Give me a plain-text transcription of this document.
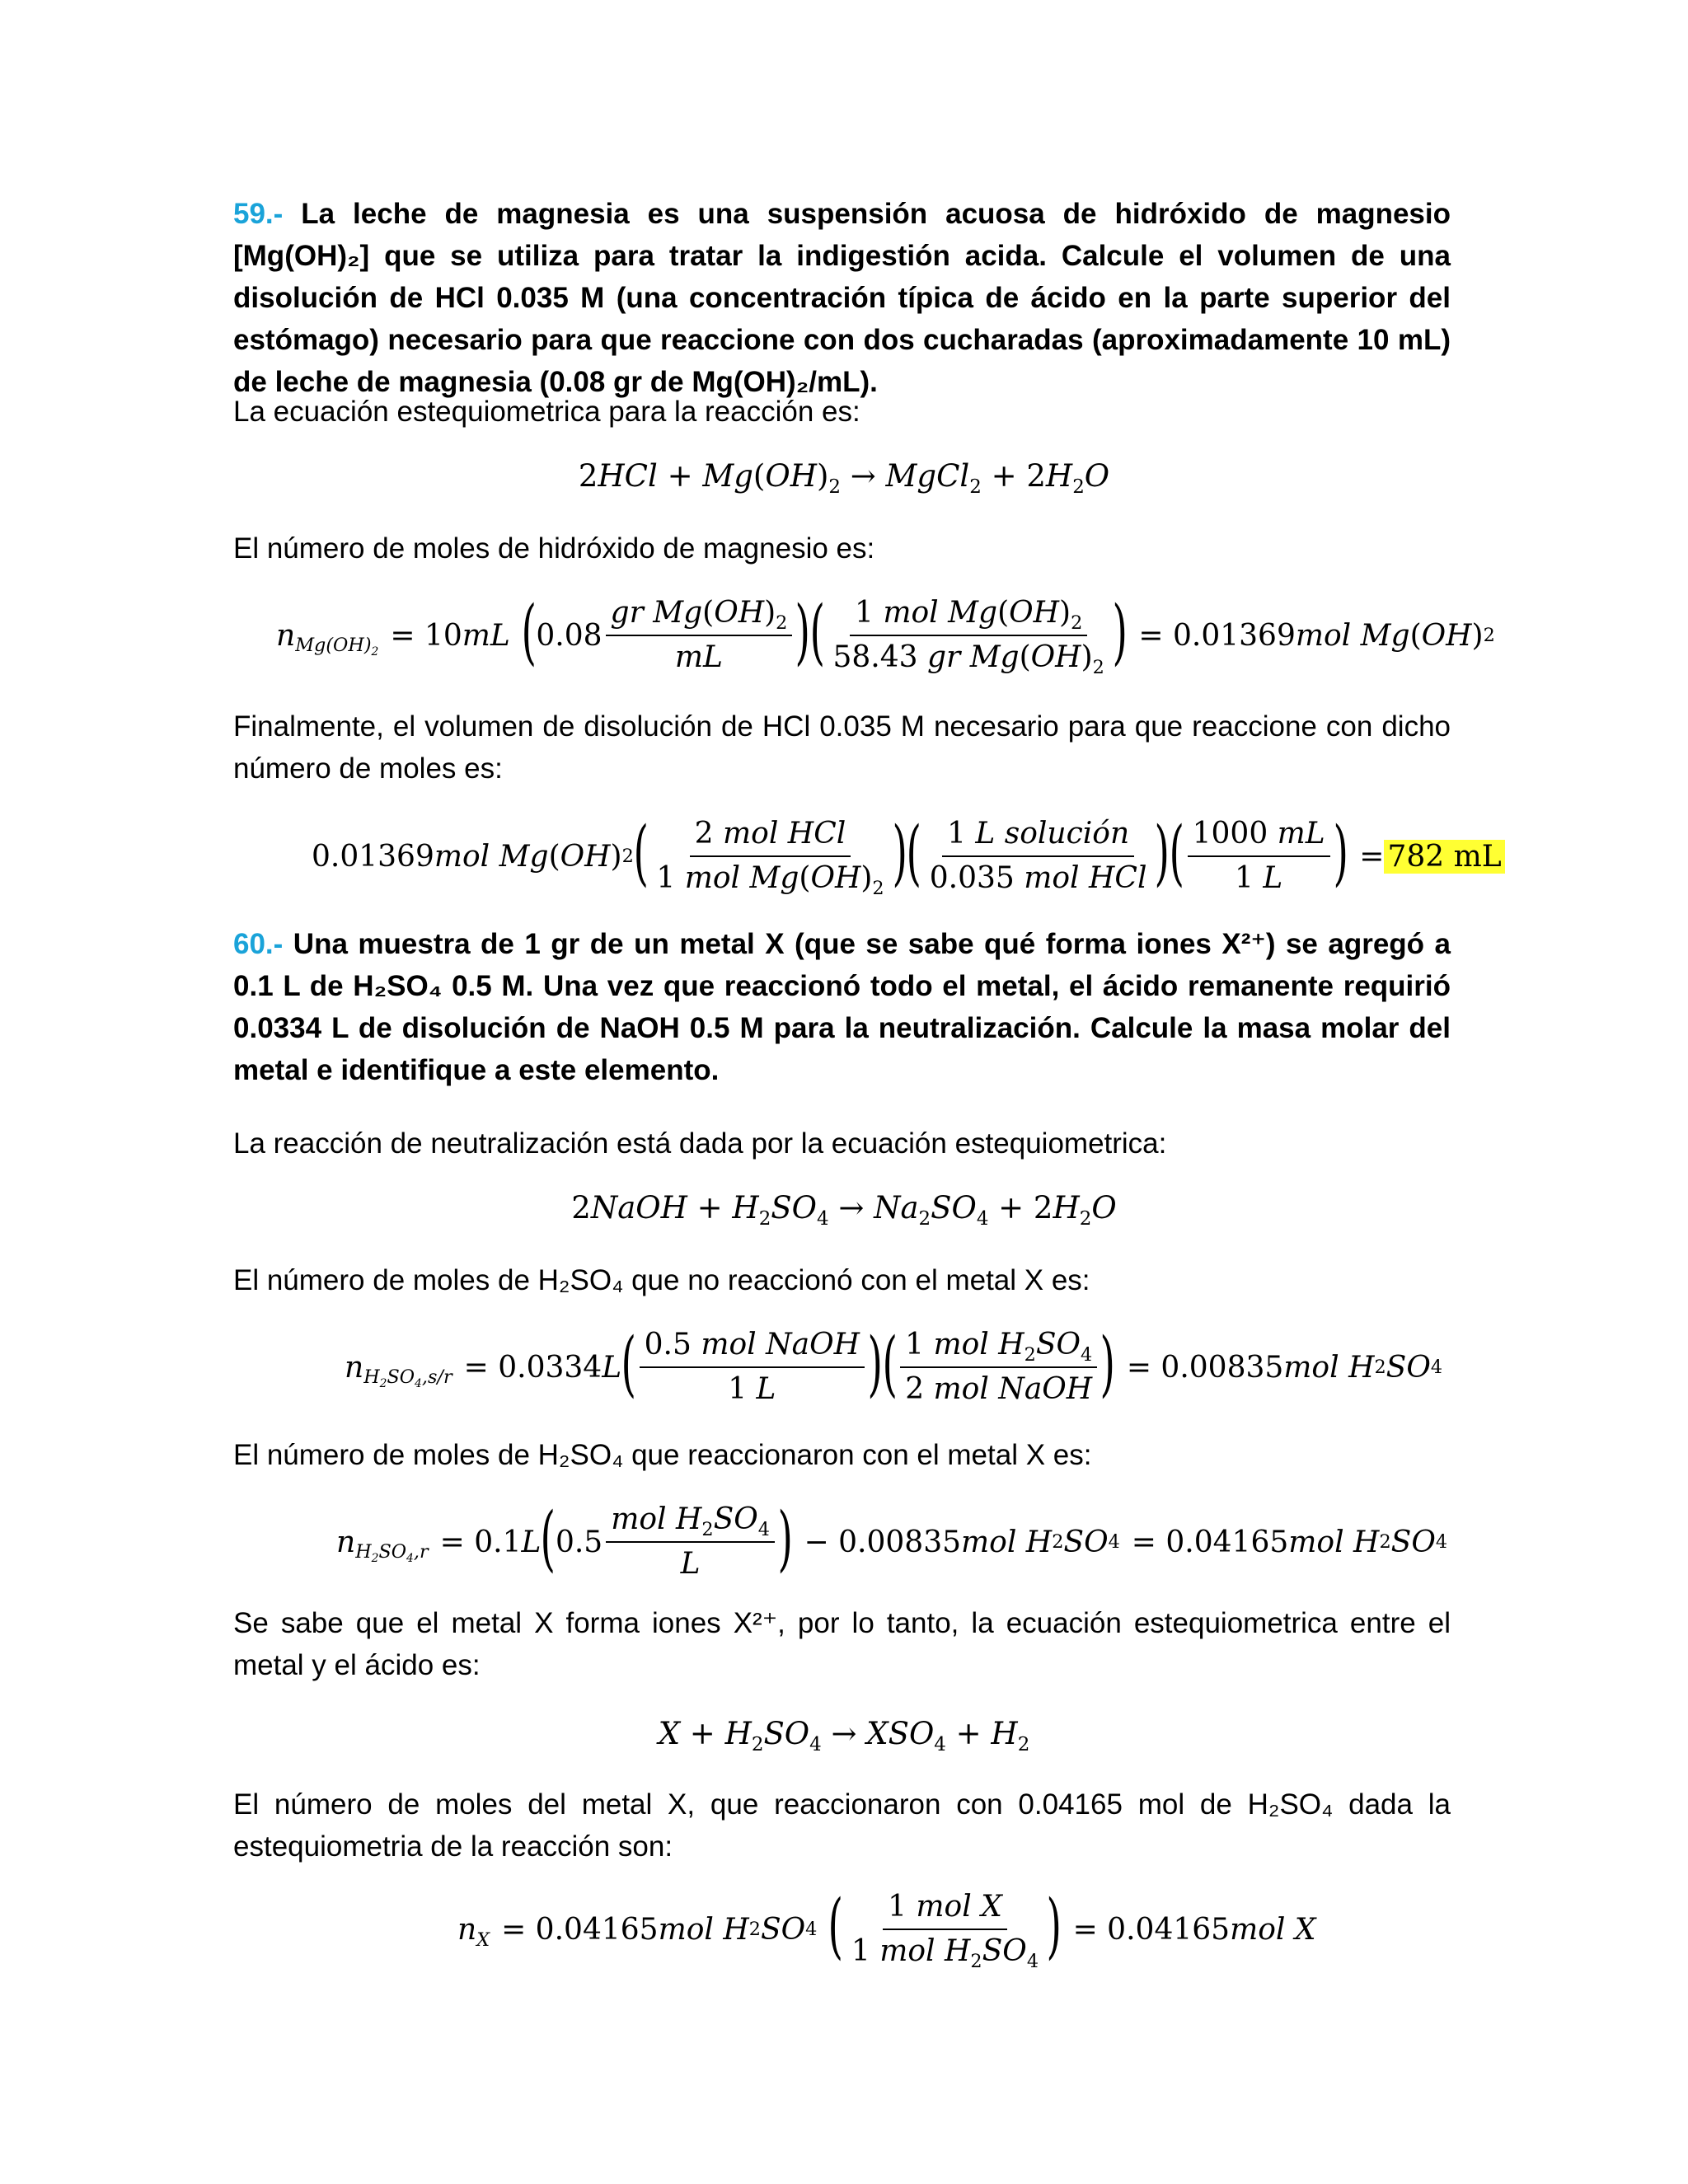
59.- La leche de magnesia es una suspensión acuosa de hidróxido de magnesio [Mg(OH)₂] que se utiliza para tratar la indigestión acida. Calcule el volumen de una disolución de HCl 0.035 M (una concentración típica de ácido en la parte superior del estómago) necesario para que reaccione con dos cucharadas (aproximadamente 10 mL) de leche de magnesia (0.08 gr de Mg(OH)₂/mL).
La ecuación estequiometrica para la reacción es:
$2HCl + Mg(OH)_2$ → MgCl$_2$ + $2H_2O$
El número de moles de hidróxido de magnesio es:
$n_{Mg(OH)_2} = 10$ mL ( $0.08 \frac{gr Mg(OH)_2}{mL}$ ) ( $\frac{1 mol Mg(OH)_2}{58.43 gr Mg(OH)_2}$ ) = 0.01369 mol Mg ( OH ) 2
Finalmente, el volumen de disolución de HCl 0.035 M necesario para que reaccione con dicho número de moles es:
0.01369 mol Mg ( OH ) 2 ( $\frac{\text{2 mol HCl}}{1 mol Mg(OH)_2}$ ) ( $\frac{\text{1 L solución}}{\text{0.035 mol HCl}}$ ) ( $\frac{1000 mL}{1 L}$ ) = 782 mL
60.- Una muestra de 1 gr de un metal X (que se sabe qué forma iones X²⁺) se agregó a 0.1 L de H₂SO₄ 0.5 M. Una vez que reaccionó todo el metal, el ácido remanente requirió 0.0334 L de disolución de NaOH 0.5 M para la neutralización. Calcule la masa molar del metal e identifique a este elemento.
La reacción de neutralización está dada por la ecuación estequiometrica:
2NaOH + $H_2SO_4 \to Na_2SO_4 + 2H_2O$
El número de moles de H₂SO₄ que no reaccionó con el metal X es:
$n_{H_2SO_4,s/r} = 0.0334$ L ( $\frac{\text{0.5 mol NaOH}}{1 L}$ ) ( $\frac{1 mol H_2SO_4}{\text{2 mol NaOH}}$ ) = 0.00835 mol H 2 SO 4
El número de moles de H₂SO₄ que reaccionaron con el metal X es:
$n_{H_2SO_4,r} = 0.1$ L ( $0.5 \frac{mol H_2SO_4}{L}$ ) − 0.00835 mol H 2 SO 4 = 0.04165 mol H 2 SO 4
Se sabe que el metal X forma iones X²⁺, por lo tanto, la ecuación estequiometrica entre el metal y el ácido es:
$X + H_2SO_4 \to XSO_4 + H_2$
El número de moles del metal X, que reaccionaron con 0.04165 mol de H₂SO₄ dada la estequiometria de la reacción son:
$n_X = 0.04165$ mol H 2 SO 4 ( $\frac{\text{1 mol X}}{1 mol H_2SO_4}$ ) = 0.04165 mol X
